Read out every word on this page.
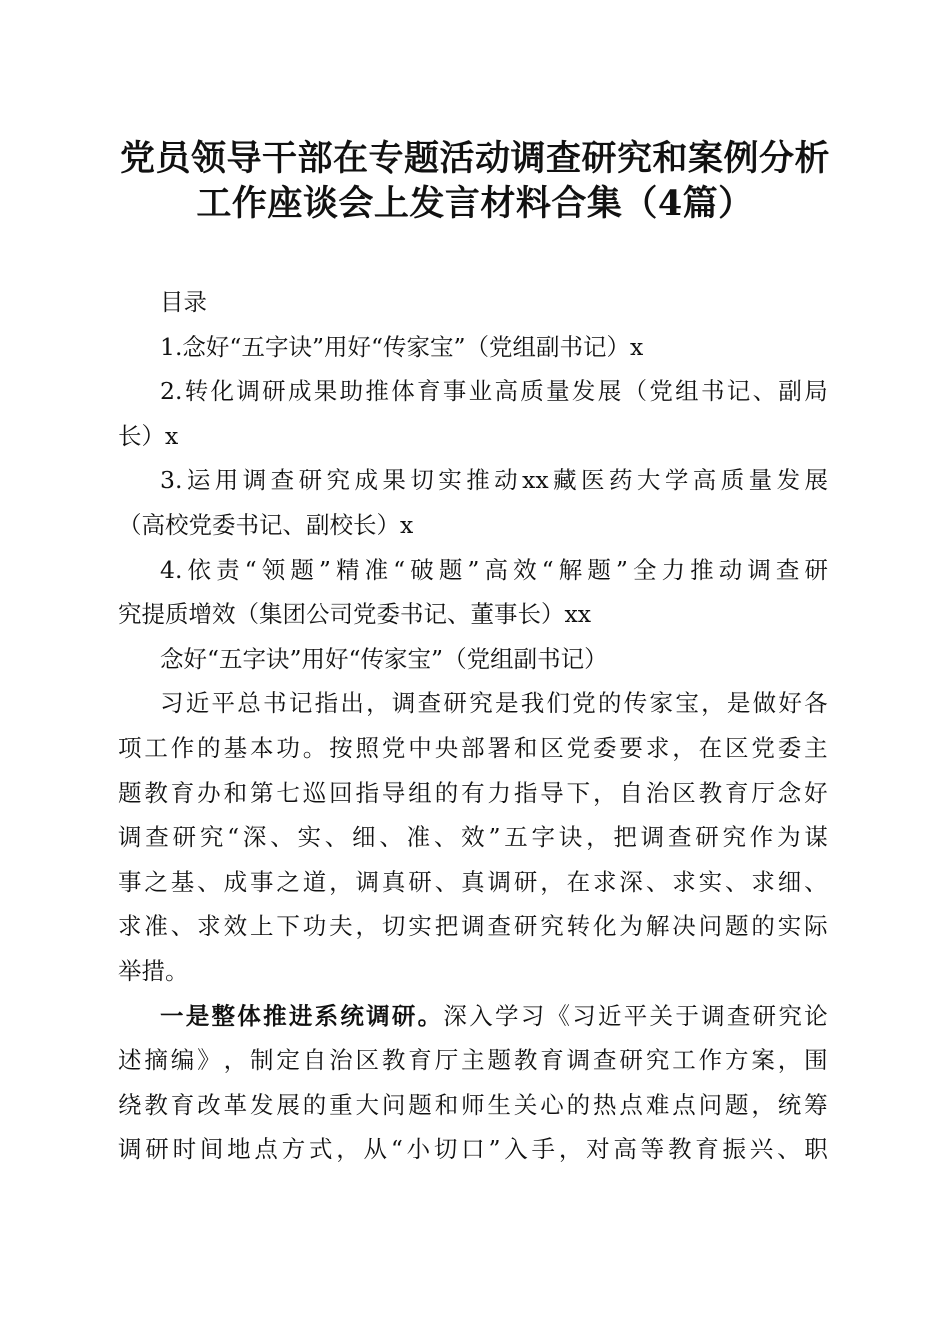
党员领导干部在专题活动调查研究和案例分析
工作座谈会上发言材料合集（4篇）
目 录
1. 念 好 “ 五 字 诀 ” 用 好 “ 传 家 宝 ” （ 党 组 副 书 记 ） x
2. 转 化 调 研 成 果 助 推 体 育 事 业 高 质 量 发 展 （ 党 组 书 记 、 副 局
长 ） x
3. 运 用 调 查 研 究 成 果 切 实 推 动 xx 藏 医 药 大 学 高 质 量 发 展
（ 高 校 党 委 书 记 、 副 校 长 ） x
4. 依 责 “ 领 题 ” 精 准 “ 破 题 ” 高 效 “ 解 题 ” 全 力 推 动 调 查 研
究 提 质 增 效 （ 集 团 公 司 党 委 书 记 、 董 事 长 ） xx
念 好 “ 五 字 诀 ” 用 好 “ 传 家 宝 ” （ 党 组 副 书 记 ）
习 近 平 总 书 记 指 出 ， 调 查 研 究 是 我 们 党 的 传 家 宝 ， 是 做 好 各
项 工 作 的 基 本 功 。 按 照 党 中 央 部 署 和 区 党 委 要 求 ， 在 区 党 委 主
题 教 育 办 和 第 七 巡 回 指 导 组 的 有 力 指 导 下 ， 自 治 区 教 育 厅 念 好
调 查 研 究 “ 深 、 实 、 细 、 准 、 效 ” 五 字 诀 ， 把 调 查 研 究 作 为 谋
事 之 基 、 成 事 之 道 ， 调 真 研 、 真 调 研 ， 在 求 深 、 求 实 、 求 细 、
求 准 、 求 效 上 下 功 夫 ， 切 实 把 调 查 研 究 转 化 为 解 决 问 题 的 实 际
举 措 。
一 是 整 体 推 进 系 统 调 研 。 深 入 学 习 《 习 近 平 关 于 调 查 研 究 论
述 摘 编 》 ， 制 定 自 治 区 教 育 厅 主 题 教 育 调 查 研 究 工 作 方 案 ， 围
绕 教 育 改 革 发 展 的 重 大 问 题 和 师 生 关 心 的 热 点 难 点 问 题 ， 统 筹
调 研 时 间 地 点 方 式 ， 从 “ 小 切 口 ” 入 手 ， 对 高 等 教 育 振 兴 、 职
